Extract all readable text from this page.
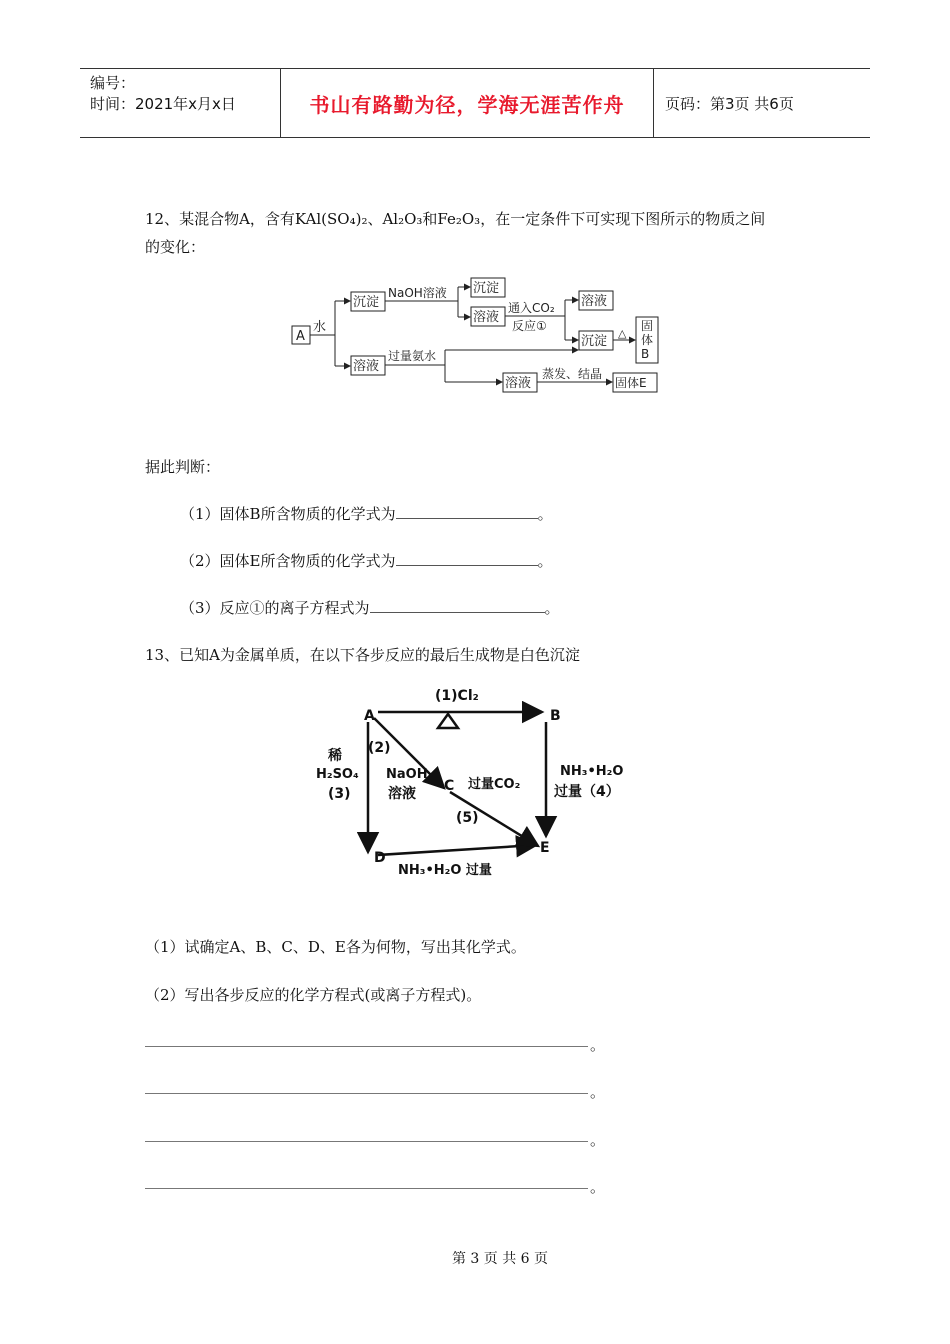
编号：
时间：2021年x月x日	书山有路勤为径，学海无涯苦作舟	页码：第3页 共6页
12、某混合物A，含有KAl(SO₄)₂、Al₂O₃和Fe₂O₃，在一定条件下可实现下图所示的物质之间
的变化：
A
水
沉淀
NaOH溶液 沉淀
溶液
通入CO₂
反应①
溶液
沉淀
△
固体 B
溶液
过量氨水
溶液
蒸发、结晶
固体E
据此判断：
（1）固体B所含物质的化学式为	。
（2）固体E所含物质的化学式为	。
（3）反应①的离子方程式为	。
13、已知A为金属单质，在以下各步反应的最后生成物是白色沉淀
A	B
C
D
E
(1)Cl₂
(2)
稀
H₂SO₄
(3)
NaOH
溶液
过量CO₂
(5)
NH₃•H₂O
过量（4）
NH₃•H₂O 过量
（1）试确定A、B、C、D、E各为何物，写出其化学式。
（2）写出各步反应的化学方程式(或离子方程式)。
。
。
。
。
第 3 页 共 6 页
